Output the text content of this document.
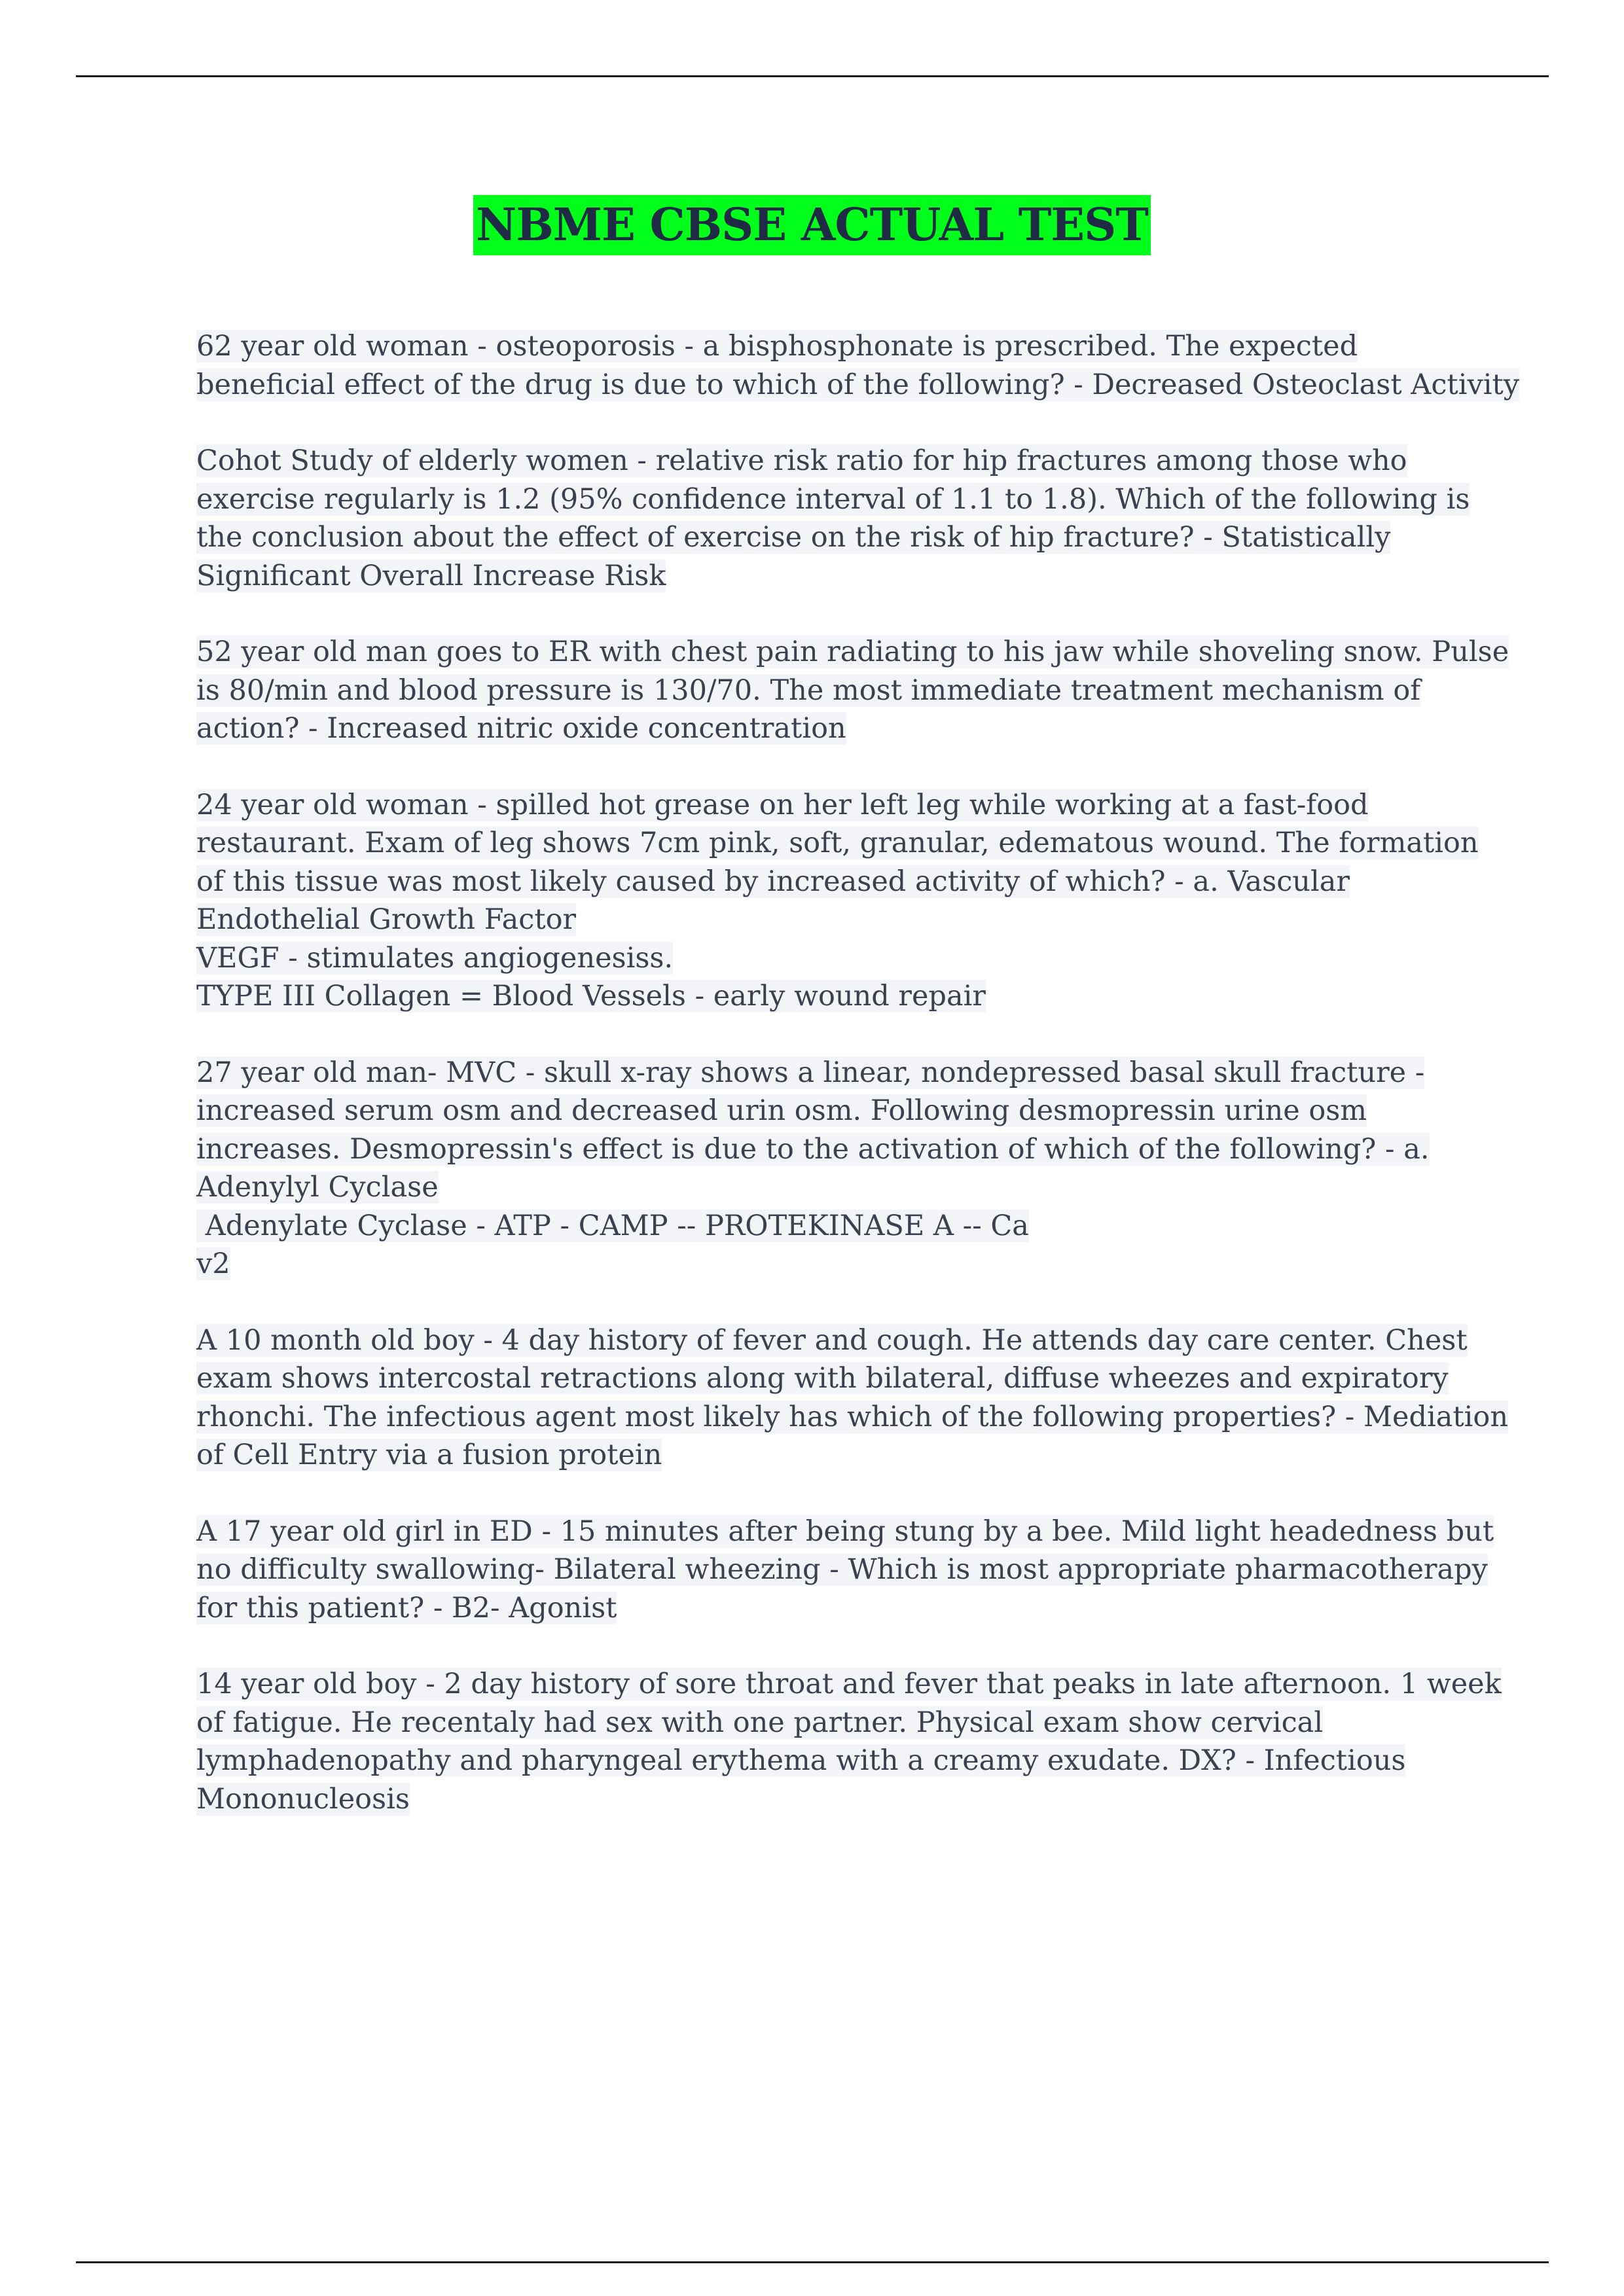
NBME CBSE ACTUAL TEST
62 year old woman - osteoporosis - a bisphosphonate is prescribed. The expected
beneficial effect of the drug is due to which of the following? - Decreased Osteoclast Activity
Cohot Study of elderly women - relative risk ratio for hip fractures among those who
exercise regularly is 1.2 (95% confidence interval of 1.1 to 1.8). Which of the following is
the conclusion about the effect of exercise on the risk of hip fracture? - Statistically
Significant Overall Increase Risk
52 year old man goes to ER with chest pain radiating to his jaw while shoveling snow. Pulse
is 80/min and blood pressure is 130/70. The most immediate treatment mechanism of
action? - Increased nitric oxide concentration
24 year old woman - spilled hot grease on her left leg while working at a fast-food
restaurant. Exam of leg shows 7cm pink, soft, granular, edematous wound. The formation
of this tissue was most likely caused by increased activity of which? - a. Vascular
Endothelial Growth Factor
VEGF - stimulates angiogenesiss.
TYPE III Collagen = Blood Vessels - early wound repair
27 year old man- MVC - skull x-ray shows a linear, nondepressed basal skull fracture -
increased serum osm and decreased urin osm. Following desmopressin urine osm
increases. Desmopressin's effect is due to the activation of which of the following? - a.
Adenylyl Cyclase
Adenylate Cyclase - ATP - CAMP -- PROTEKINASE A -- Ca
v2
A 10 month old boy - 4 day history of fever and cough. He attends day care center. Chest
exam shows intercostal retractions along with bilateral, diffuse wheezes and expiratory
rhonchi. The infectious agent most likely has which of the following properties? - Mediation
of Cell Entry via a fusion protein
A 17 year old girl in ED - 15 minutes after being stung by a bee. Mild light headedness but
no difficulty swallowing- Bilateral wheezing - Which is most appropriate pharmacotherapy
for this patient? - B2- Agonist
14 year old boy - 2 day history of sore throat and fever that peaks in late afternoon. 1 week
of fatigue. He recentaly had sex with one partner. Physical exam show cervical
lymphadenopathy and pharyngeal erythema with a creamy exudate. DX? - Infectious
Mononucleosis
